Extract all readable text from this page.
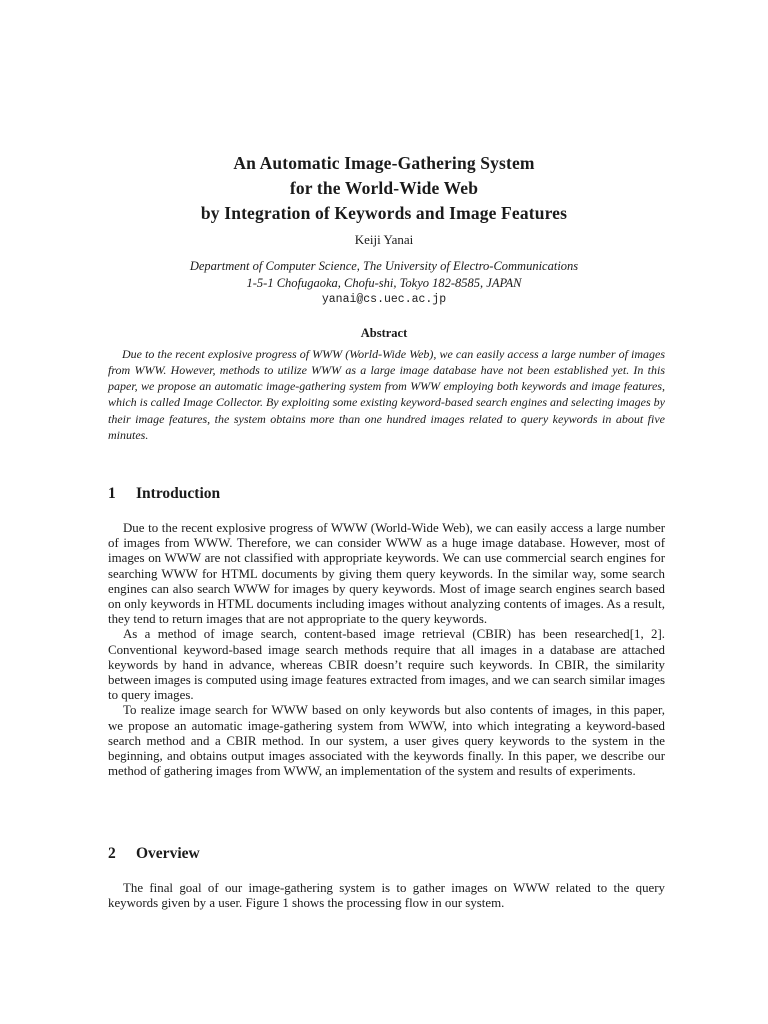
An Automatic Image-Gathering System
for the World-Wide Web
by Integration of Keywords and Image Features
Keiji Yanai
Department of Computer Science, The University of Electro-Communications
1-5-1 Chofugaoka, Chofu-shi, Tokyo 182-8585, JAPAN
yanai@cs.uec.ac.jp
Abstract

Due to the recent explosive progress of WWW (World-Wide Web), we can easily access a large number of images from WWW. However, methods to utilize WWW as a large image database have not been established yet. In this paper, we propose an automatic image-gathering system from WWW employing both keywords and image features, which is called Image Collector. By exploiting some existing keyword-based search engines and selecting images by their image features, the system obtains more than one hundred images related to query keywords in about five minutes.

1 Introduction

Due to the recent explosive progress of WWW (World-Wide Web), we can easily access a large number of images from WWW. Therefore, we can consider WWW as a huge image database. However, most of images on WWW are not classified with appropriate keywords. We can use commercial search engines for searching WWW for HTML documents by giving them query keywords. In the similar way, some search engines can also search WWW for images by query keywords. Most of image search engines search based on only keywords in HTML documents including images without analyzing contents of images. As a result, they tend to return images that are not appropriate to the query keywords.

As a method of image search, content-based image retrieval (CBIR) has been researched[1, 2]. Conventional keyword-based image search methods require that all images in a database are attached keywords by hand in advance, whereas CBIR doesn’t require such keywords. In CBIR, the similarity between images is computed using image features extracted from images, and we can search similar images to query images.

To realize image search for WWW based on only keywords but also contents of images, in this paper, we propose an automatic image-gathering system from WWW, into which integrating a keyword-based search method and a CBIR method. In our system, a user gives query keywords to the system in the beginning, and obtains output images associated with the keywords finally. In this paper, we describe our method of gathering images from WWW, an implementation of the system and results of experiments.

2 Overview

The final goal of our image-gathering system is to gather images on WWW related to the query keywords given by a user. Figure 1 shows the processing flow in our system.
